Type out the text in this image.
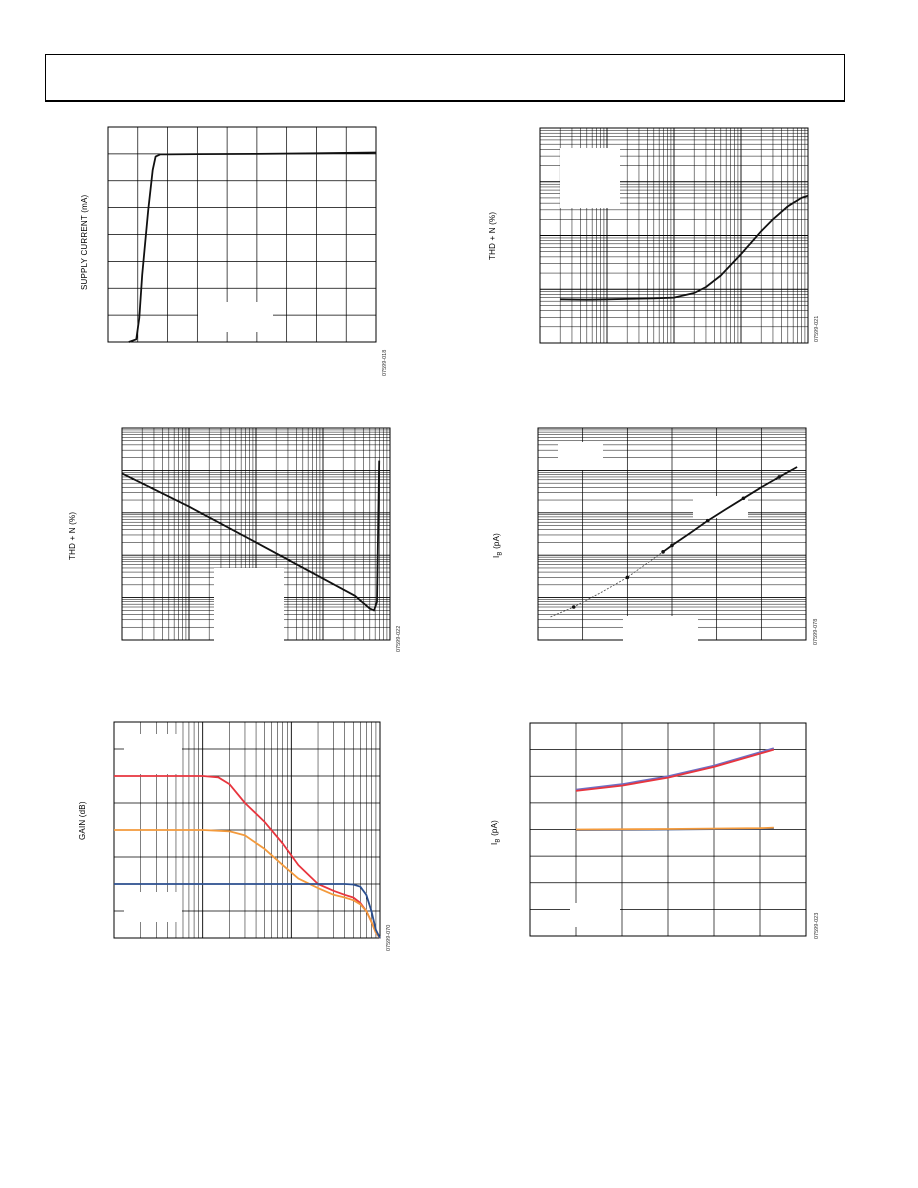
SUPPLY CURRENT (mA)
07599-018
THD + N (%)
07599-021
THD + N (%)
07599-022
$I_B$ (pA)
07599-078
GAIN (dB)
07599-070
$I_B$ (pA)
07599-023
